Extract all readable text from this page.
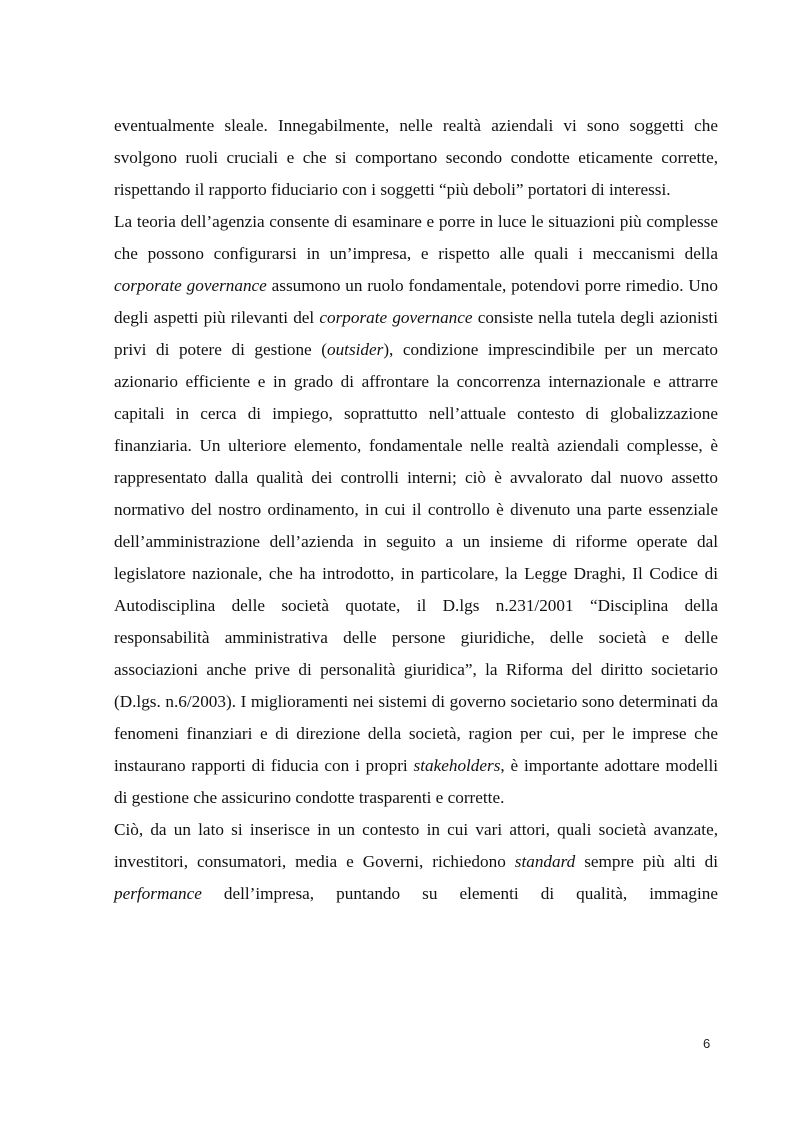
eventualmente sleale. Innegabilmente, nelle realtà aziendali vi sono soggetti che svolgono ruoli cruciali e che si comportano secondo condotte eticamente corrette, rispettando il rapporto fiduciario con i soggetti “più deboli” portatori di interessi.

La teoria dell’agenzia consente di esaminare e porre in luce le situazioni più complesse che possono configurarsi in un’impresa, e rispetto alle quali i meccanismi della corporate governance assumono un ruolo fondamentale, potendovi porre rimedio. Uno degli aspetti più rilevanti del corporate governance consiste nella tutela degli azionisti privi di potere di gestione (outsider), condizione imprescindibile per un mercato azionario efficiente e in grado di affrontare la concorrenza internazionale e attrarre capitali in cerca di impiego, soprattutto nell’attuale contesto di globalizzazione finanziaria. Un ulteriore elemento, fondamentale nelle realtà aziendali complesse, è rappresentato dalla qualità dei controlli interni; ciò è avvalorato dal nuovo assetto normativo del nostro ordinamento, in cui il controllo è divenuto una parte essenziale dell’amministrazione dell’azienda in seguito a un insieme di riforme operate dal legislatore nazionale, che ha introdotto, in particolare, la Legge Draghi, Il Codice di Autodisciplina delle società quotate, il D.lgs n.231/2001 “Disciplina della responsabilità amministrativa delle persone giuridiche, delle società e delle associazioni anche prive di personalità giuridica”, la Riforma del diritto societario (D.lgs. n.6/2003). I miglioramenti nei sistemi di governo societario sono determinati da fenomeni finanziari e di direzione della società, ragion per cui, per le imprese che instaurano rapporti di fiducia con i propri stakeholders, è importante adottare modelli di gestione che assicurino condotte trasparenti e corrette.

Ciò, da un lato si inserisce in un contesto in cui vari attori, quali società avanzate, investitori, consumatori, media e Governi, richiedono standard sempre più alti di performance dell’impresa, puntando su elementi di qualità, immagine

6
